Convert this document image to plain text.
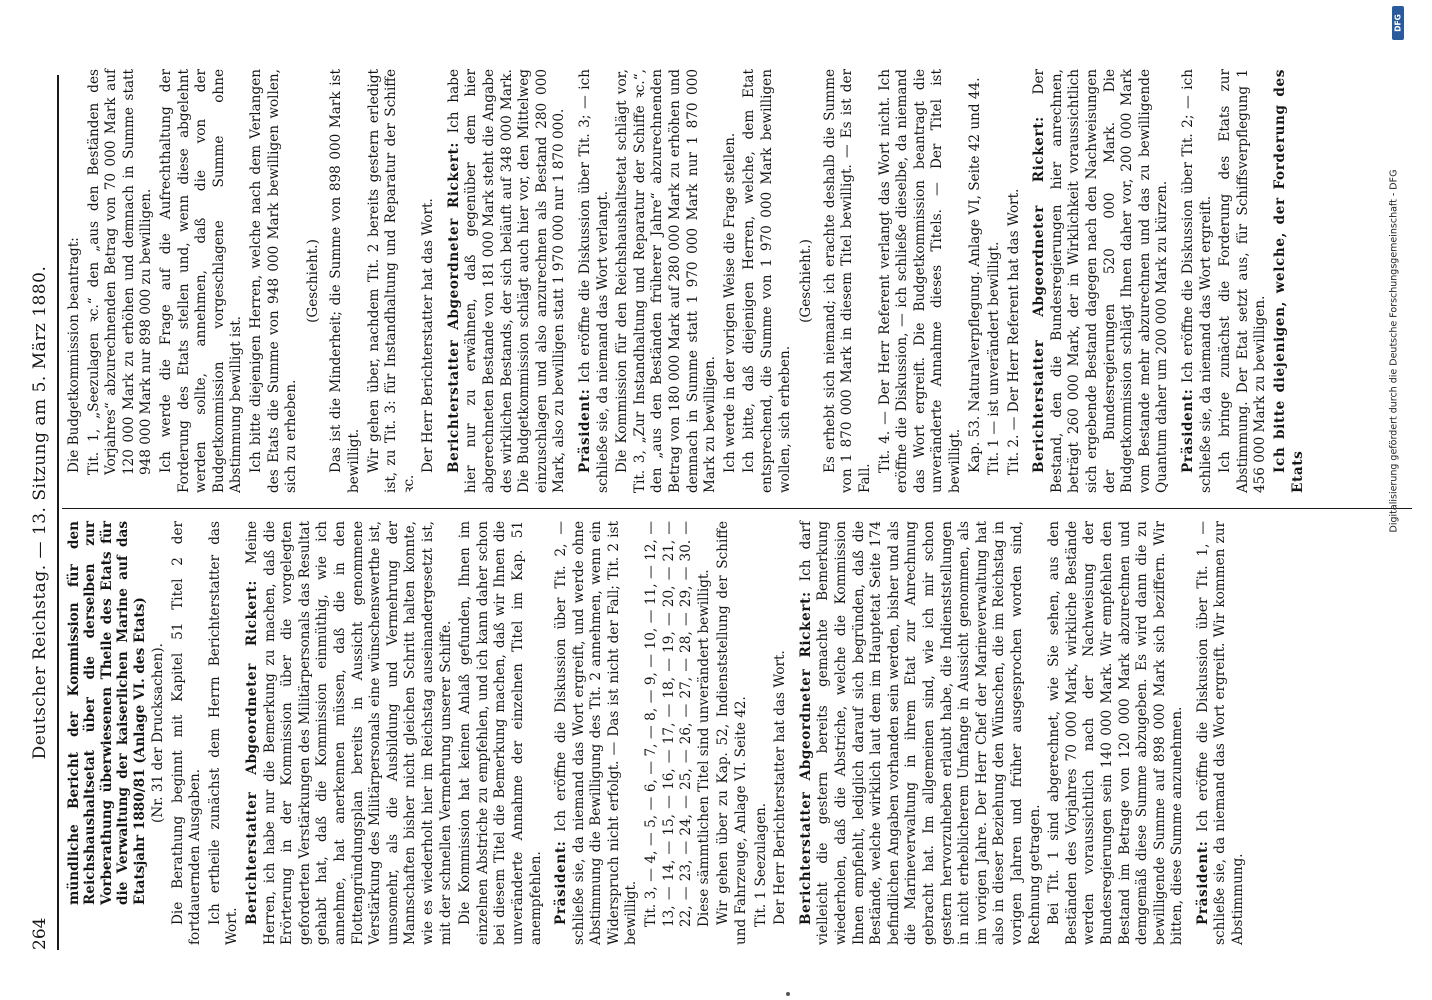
264
Deutscher Reichstag. — 13. Sitzung am 5. März 1880. mündliche Bericht der Kommission für den Reichshaushaltsetat über die derselben zur Vorberathung überwiesenen Theile des Etats für die Verwaltung der kaiserlichen Marine auf das Etatsjahr 1880/81 (Anlage VI. des Etats) (Nr. 31 der Drucksachen). Die Berathung beginnt mit Kapitel 51 Titel 2 der fortdauernden Ausgaben. Ich ertheile zunächst dem Herrn Berichterstatter das Wort.

Berichterstatter Abgeordneter Rickert: Meine Herren, ich habe nur die Bemerkung zu machen, daß die Erörterung in der Kommission über die vorgelegten geforderten Verstärkungen des Militärpersonals das Resultat gehabt hat, daß die Kommission einmüthig, wie ich annehme, hat anerkennen müssen, daß die in den Flottengründungsplan bereits in Aussicht genommene Verstärkung des Militärpersonals eine wünschenswerthe ist, umsomehr, als die Ausbildung und Vermehrung der Mannschaften bisher nicht gleichen Schritt halten konnte, wie es wiederholt hier im Reichstag auseinandergesetzt ist, mit der schnellen Vermehrung unserer Schiffe. Die Kommission hat keinen Anlaß gefunden, Ihnen im einzelnen Abstriche zu empfehlen, und ich kann daher schon bei diesem Titel die Bemerkung machen, daß wir Ihnen die unveränderte Annahme der einzelnen Titel im Kap. 51 anempfehlen. Präsident: Ich eröffne die Diskussion über Tit. 2, — schließe sie, da niemand das Wort ergreift, und werde ohne Abstimmung die Bewilligung des Tit. 2 annehmen, wenn ein Widerspruch nicht erfolgt. — Das ist nicht der Fall; Tit. 2 ist bewilligt. Tit. 3, — 4, — 5, — 6, — 7, — 8, — 9, — 10, — 11, — 12, — 13, — 14, — 15, — 16, — 17, — 18, — 19, — 20, — 21, — 22, — 23, — 24, — 25, — 26, — 27, — 28, — 29, — 30. — Diese sämmtlichen Titel sind unverändert bewilligt. Wir gehen über zu Kap. 52, Indienststellung der Schiffe und Fahrzeuge, Anlage VI. Seite 42. Tit. 1 Seezulagen. Der Herr Berichterstatter hat das Wort. Berichterstatter Abgeordneter Rickert: Ich darf vielleicht die gestern bereits gemachte Bemerkung wiederholen, daß die Abstriche, welche die Kommission Ihnen empfiehlt, lediglich darauf sich begründen, daß die Bestände, welche wirklich laut dem im Hauptetat Seite 174 befindlichen Angaben vorhanden sein werden, bisher und als die Marineverwaltung in ihrem Etat zur Anrechnung gebracht hat. Im allgemeinen sind, wie ich mir schon gestern hervorzuheben erlaubt habe, die Indienststellungen in nicht erheblicherem Umfange in Aussicht genommen, als im vorigen Jahre. Der Herr Chef der Marineverwaltung hat also in dieser Beziehung den Wünschen, die im Reichstag in vorigen Jahren und früher ausgesprochen worden sind, Rechnung getragen. Bei Tit. 1 sind abgerechnet, wie Sie sehen, aus den Beständen des Vorjahres 70 000 Mark, wirkliche Bestände werden voraussichtlich nach der Nachweisung der Bundesregierungen sein 140 000 Mark. Wir empfehlen den Bestand im Betrage von 120 000 Mark abzurechnen und demgemäß diese Summe abzugeben. Es wird dann die zu bewilligende Summe auf 898 000 Mark sich beziffern. Wir bitten, diese Summe anzunehmen. Präsident: Ich eröffne die Diskussion über Tit. 1, — schließe sie, da niemand das Wort ergreift. Wir kommen zur Abstimmung.

Die Budgetkommission beantragt: Tit. 1, „Seezulagen ꝛc.“ den „aus den Beständen des Vorjahres“ abzurechnenden Betrag von 70 000 Mark auf 120 000 Mark zu erhöhen und demnach in Summe statt 948 000 Mark nur 898 000 zu bewilligen. Ich werde die Frage auf die Aufrechthaltung der Forderung des Etats stellen und, wenn diese abgelehnt werden sollte, annehmen, daß die von der Budgetkommission vorgeschlagene Summe ohne Abstimmung bewilligt ist. Ich bitte diejenigen Herren, welche nach dem Verlangen des Etats die Summe von 948 000 Mark bewilligen wollen, sich zu erheben.

(Geschieht.) Das ist die Minderheit; die Summe von 898 000 Mark ist bewilligt. Wir gehen über, nachdem Tit. 2 bereits gestern erledigt ist, zu Tit. 3: für Instandhaltung und Reparatur der Schiffe ꝛc.

Der Herr Berichterstatter hat das Wort. Berichterstatter Abgeordneter Rickert: Ich habe hier nur zu erwähnen, daß gegenüber dem hier abgerechneten Bestande von 181 000 Mark steht die Angabe des wirklichen Bestands, der sich beläuft auf 348 000 Mark. Die Budgetkommission schlägt auch hier vor, den Mittelweg einzuschlagen und also anzurechnen als Bestand 280 000 Mark, also zu bewilligen statt 1 970 000 nur 1 870 000. Präsident: Ich eröffne die Diskussion über Tit. 3; — ich schließe sie, da niemand das Wort verlangt. Die Kommission für den Reichshaushaltsetat schlägt vor, Tit. 3, „Zur Instandhaltung und Reparatur der Schiffe ꝛc.“, den „aus den Beständen früherer Jahre“ abzurechnenden Betrag von 180 000 Mark auf 280 000 Mark zu erhöhen und demnach in Summe statt 1 970 000 Mark nur 1 870 000 Mark zu bewilligen. Ich werde in der vorigen Weise die Frage stellen. Ich bitte, daß diejenigen Herren, welche, dem Etat entsprechend, die Summe von 1 970 000 Mark bewilligen wollen, sich erheben.

(Geschieht.) Es erhebt sich niemand; ich erachte deshalb die Summe von 1 870 000 Mark in diesem Titel bewilligt. — Es ist der Fall.

Tit. 4. — Der Herr Referent verlangt das Wort nicht. Ich eröffne die Diskussion, — ich schließe dieselbe, da niemand das Wort ergreift. Die Budgetkommission beantragt die unveränderte Annahme dieses Titels. — Der Titel ist bewilligt. Kap. 53. Naturalverpflegung. Anlage VI, Seite 42 und 44. Tit. 1 — ist unverändert bewilligt. Tit. 2. — Der Herr Referent hat das Wort. Berichterstatter Abgeordneter Rickert: Der Bestand, den die Bundesregierungen hier anrechnen, beträgt 260 000 Mark, der in Wirklichkeit voraussichtlich sich ergebende Bestand dagegen nach den Nachweisungen der Bundesregierungen 520 000 Mark. Die Budgetkommission schlägt Ihnen daher vor, 200 000 Mark vom Bestande mehr abzurechnen und das zu bewilligende Quantum daher um 200 000 Mark zu kürzen. Präsident: Ich eröffne die Diskussion über Tit. 2; — ich schließe sie, da niemand das Wort ergreift. Ich bringe zunächst die Forderung des Etats zur Abstimmung. Der Etat setzt aus, für Schiffsverpflegung 1 456 000 Mark zu bewilligen. Ich bitte diejenigen, welche, der Forderung des Etats	Digitalisierung gefördert durch die Deutsche Forschungsgemeinschaft - DFG
DFG
